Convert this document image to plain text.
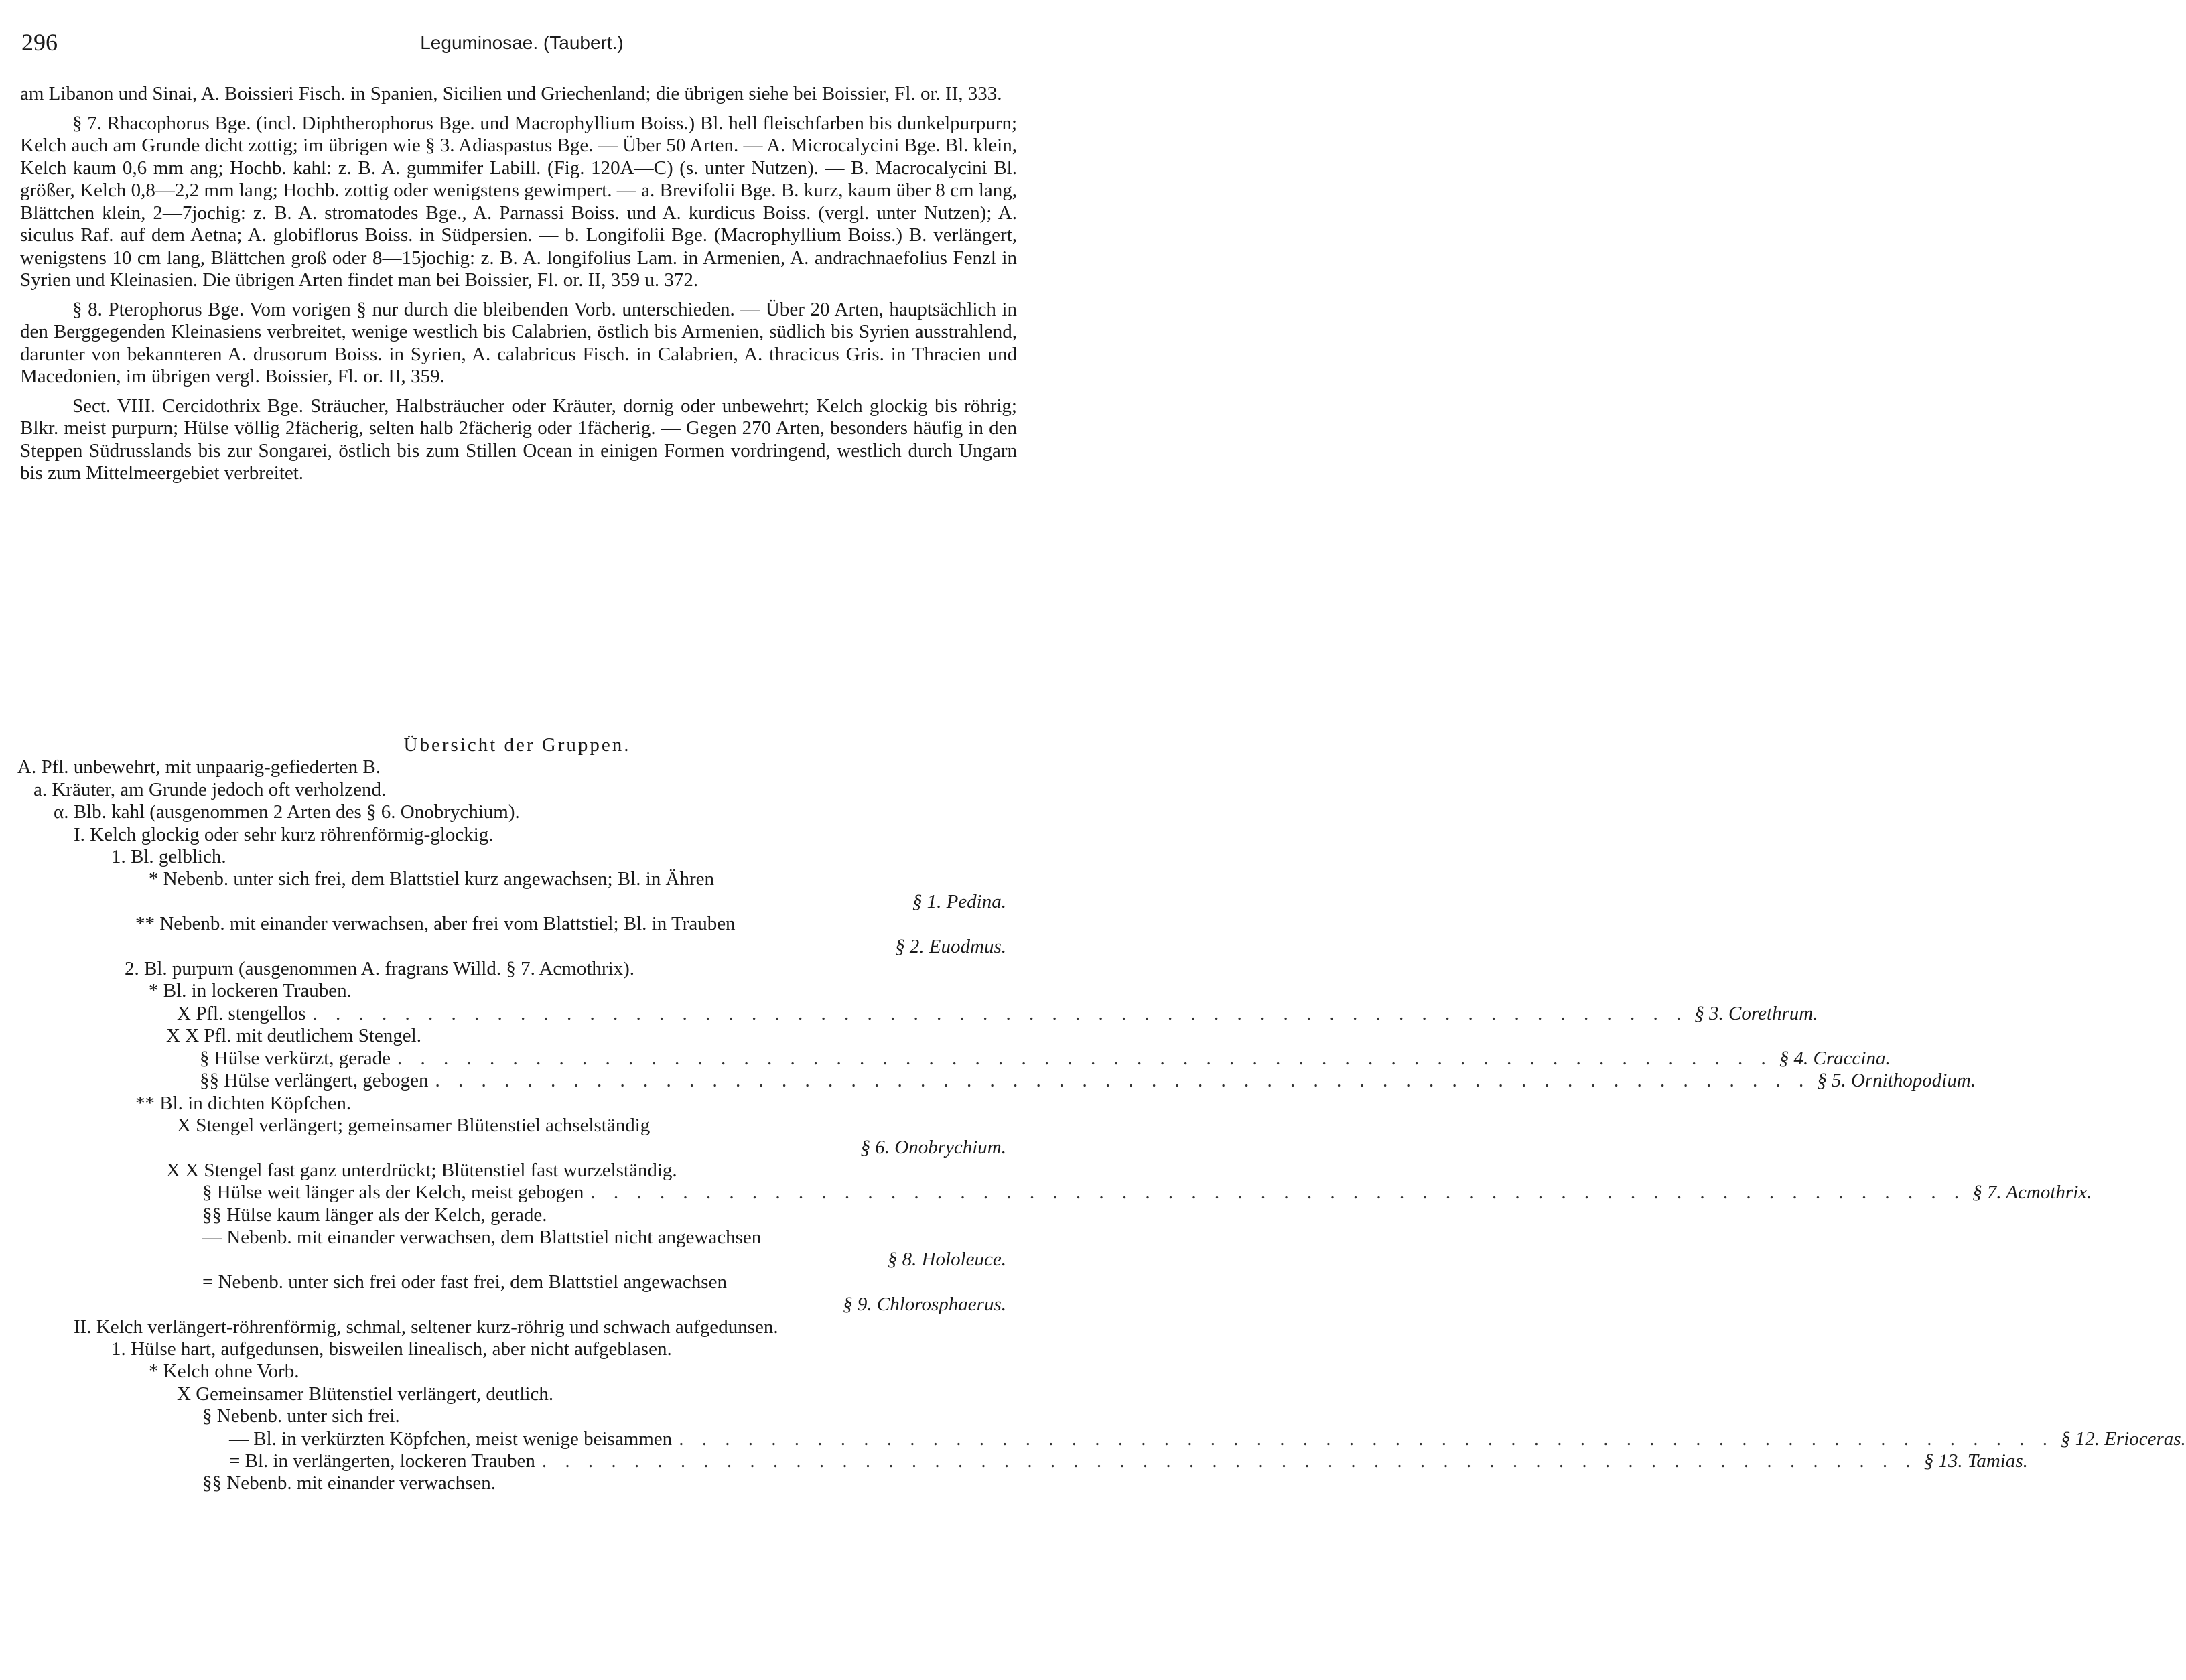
296	Leguminosae. (Taubert.)

am Libanon und Sinai, A. Boissieri Fisch. in Spanien, Sicilien und Griechenland; die übrigen siehe bei Boissier, Fl. or. II, 333.

§ 7. Rhacophorus Bge. (incl. Diphtherophorus Bge. und Macrophyllium Boiss.) Bl. hell fleischfarben bis dunkelpurpurn; Kelch auch am Grunde dicht zottig; im übrigen wie § 3. Adiaspastus Bge. — Über 50 Arten. — A. Microcalycini Bge. Bl. klein, Kelch kaum 0,6 mm ang; Hochb. kahl: z. B. A. gummifer Labill. (Fig. 120A—C) (s. unter Nutzen). — B. Macrocalycini Bl. größer, Kelch 0,8—2,2 mm lang; Hochb. zottig oder wenigstens gewimpert. — a. Brevifolii Bge. B. kurz, kaum über 8 cm lang, Blättchen klein, 2—7jochig: z. B. A. stromatodes Bge., A. Parnassi Boiss. und A. kurdicus Boiss. (vergl. unter Nutzen); A. siculus Raf. auf dem Aetna; A. globiflorus Boiss. in Südpersien. — b. Longifolii Bge. (Macrophyllium Boiss.) B. verlängert, wenigstens 10 cm lang, Blättchen groß oder 8—15jochig: z. B. A. longifolius Lam. in Armenien, A. andrachnaefolius Fenzl in Syrien und Kleinasien. Die übrigen Arten findet man bei Boissier, Fl. or. II, 359 u. 372.

§ 8. Pterophorus Bge. Vom vorigen § nur durch die bleibenden Vorb. unterschieden. — Über 20 Arten, hauptsächlich in den Berggegenden Kleinasiens verbreitet, wenige westlich bis Calabrien, östlich bis Armenien, südlich bis Syrien ausstrahlend, darunter von bekannteren A. drusorum Boiss. in Syrien, A. calabricus Fisch. in Calabrien, A. thracicus Gris. in Thracien und Macedonien, im übrigen vergl. Boissier, Fl. or. II, 359.

Sect. VIII. Cercidothrix Bge. Sträucher, Halbsträucher oder Kräuter, dornig oder unbewehrt; Kelch glockig bis röhrig; Blkr. meist purpurn; Hülse völlig 2fächerig, selten halb 2fächerig oder 1fächerig. — Gegen 270 Arten, besonders häufig in den Steppen Südrusslands bis zur Songarei, östlich bis zum Stillen Ocean in einigen Formen vordringend, westlich durch Ungarn bis zum Mittelmeergebiet verbreitet.

Übersicht der Gruppen.
A. Pfl. unbewehrt, mit unpaarig-gefiederten B.
a. Kräuter, am Grunde jedoch oft verholzend.
α. Blb. kahl (ausgenommen 2 Arten des § 6. Onobrychium).
I. Kelch glockig oder sehr kurz röhrenförmig-glockig.
1. Bl. gelblich.
* Nebenb. unter sich frei, dem Blattstiel kurz angewachsen; Bl. in Ähren
§ 1. Pedina.
** Nebenb. mit einander verwachsen, aber frei vom Blattstiel; Bl. in Trauben
§ 2. Euodmus.
2. Bl. purpurn (ausgenommen A. fragrans Willd. § 7. Acmothrix).
* Bl. in lockeren Trauben.
X Pfl. stengellos . . . . . . . . . . . . . . . . . . . . . . . . . . . . . . . . . . . . . . . . . . . . . . . . . . . . . . . . . . . . § 3. Corethrum.
X X Pfl. mit deutlichem Stengel.
§ Hülse verkürzt, gerade . . . . . . . . . . . . . . . . . . . . . . . . . . . . . . . . . . . . . . . . . . . . . . . . . . . . . . . . . . . . § 4. Craccina.
§§ Hülse verlängert, gebogen . . . . . . . . . . . . . . . . . . . . . . . . . . . . . . . . . . . . . . . . . . . . . . . . . . . . . . . . . . . . § 5. Ornithopodium.
** Bl. in dichten Köpfchen.
X Stengel verlängert; gemeinsamer Blütenstiel achselständig
§ 6. Onobrychium.
X X Stengel fast ganz unterdrückt; Blütenstiel fast wurzelständig.
§ Hülse weit länger als der Kelch, meist gebogen . . . . . . . . . . . . . . . . . . . . . . . . . . . . . . . . . . . . . . . . . . . . . . . . . . . . . . . . . . . . § 7. Acmothrix.
§§ Hülse kaum länger als der Kelch, gerade.
— Nebenb. mit einander verwachsen, dem Blattstiel nicht angewachsen
§ 8. Hololeuce.
= Nebenb. unter sich frei oder fast frei, dem Blattstiel angewachsen
§ 9. Chlorosphaerus.
II. Kelch verlängert-röhrenförmig, schmal, seltener kurz-röhrig und schwach aufgedunsen.
1. Hülse hart, aufgedunsen, bisweilen linealisch, aber nicht aufgeblasen.
* Kelch ohne Vorb.
X Gemeinsamer Blütenstiel verlängert, deutlich.
§ Nebenb. unter sich frei.
— Bl. in verkürzten Köpfchen, meist wenige beisammen . . . . . . . . . . . . . . . . . . . . . . . . . . . . . . . . . . . . . . . . . . . . . . . . . . . . . . . . . . . . § 12. Erioceras.
= Bl. in verlängerten, lockeren Trauben . . . . . . . . . . . . . . . . . . . . . . . . . . . . . . . . . . . . . . . . . . . . . . . . . . . . . . . . . . . . § 13. Tamias.
§§ Nebenb. mit einander verwachsen.
